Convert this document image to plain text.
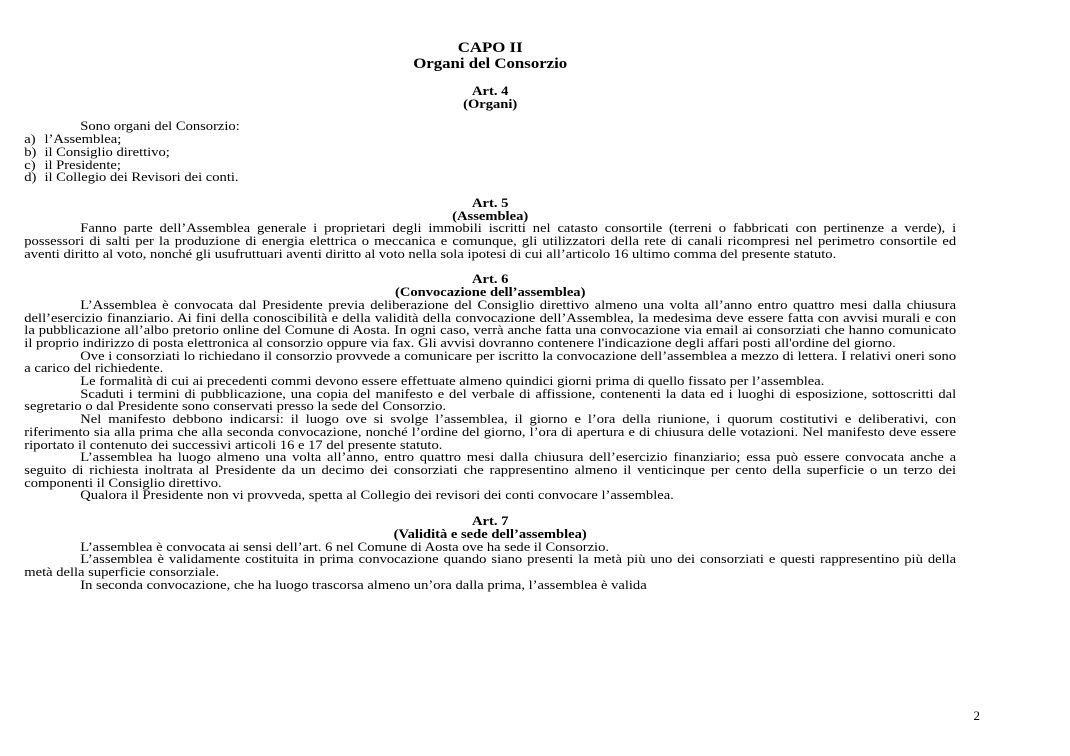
CAPO II
Organi del Consorzio
Art. 4
(Organi)

Sono organi del Consorzio:

a) l’Assemblea;
b) il Consiglio direttivo;
c) il Presidente;
d) il Collegio dei Revisori dei conti.
Art. 5
(Assemblea)

Fanno parte dell’Assemblea generale i proprietari degli immobili iscritti nel catasto consortile (terreni o fabbricati con pertinenze a verde), i possessori di salti per la produzione di energia elettrica o meccanica e comunque, gli utilizzatori della rete di canali ricompresi nel perimetro consortile ed aventi diritto al voto, nonché gli usufruttuari aventi diritto al voto nella sola ipotesi di cui all’articolo 16 ultimo comma del presente statuto.

Art. 6
(Convocazione dell’assemblea)

L’Assemblea è convocata dal Presidente previa deliberazione del Consiglio direttivo almeno una volta all’anno entro quattro mesi dalla chiusura dell’esercizio finanziario. Ai fini della conoscibilità e della validità della convocazione dell’Assemblea, la medesima deve essere fatta con avvisi murali e con la pubblicazione all’albo pretorio online del Comune di Aosta. In ogni caso, verrà anche fatta una convocazione via email ai consorziati che hanno comunicato il proprio indirizzo di posta elettronica al consorzio oppure via fax. Gli avvisi dovranno contenere l'indicazione degli affari posti all'ordine del giorno.

Ove i consorziati lo richiedano il consorzio provvede a comunicare per iscritto la convocazione dell’assemblea a mezzo di lettera. I relativi oneri sono a carico del richiedente.

Le formalità di cui ai precedenti commi devono essere effettuate almeno quindici giorni prima di quello fissato per l’assemblea.

Scaduti i termini di pubblicazione, una copia del manifesto e del verbale di affissione, contenenti la data ed i luoghi di esposizione, sottoscritti dal segretario o dal Presidente sono conservati presso la sede del Consorzio.

Nel manifesto debbono indicarsi: il luogo ove si svolge l’assemblea, il giorno e l’ora della riunione, i quorum costitutivi e deliberativi, con riferimento sia alla prima che alla seconda convocazione, nonché l’ordine del giorno, l’ora di apertura e di chiusura delle votazioni. Nel manifesto deve essere riportato il contenuto dei successivi articoli 16 e 17 del presente statuto.

L’assemblea ha luogo almeno una volta all’anno, entro quattro mesi dalla chiusura dell’esercizio finanziario; essa può essere convocata anche a seguito di richiesta inoltrata al Presidente da un decimo dei consorziati che rappresentino almeno il venticinque per cento della superficie o un terzo dei componenti il Consiglio direttivo.

Qualora il Presidente non vi provveda, spetta al Collegio dei revisori dei conti convocare l’assemblea.

Art. 7
(Validità e sede dell’assemblea)

L’assemblea è convocata ai sensi dell’art. 6 nel Comune di Aosta ove ha sede il Consorzio.

L’assemblea è validamente costituita in prima convocazione quando siano presenti la metà più uno dei consorziati e questi rappresentino più della metà della superficie consorziale.

In seconda convocazione, che ha luogo trascorsa almeno un’ora dalla prima, l’assemblea è valida

2
